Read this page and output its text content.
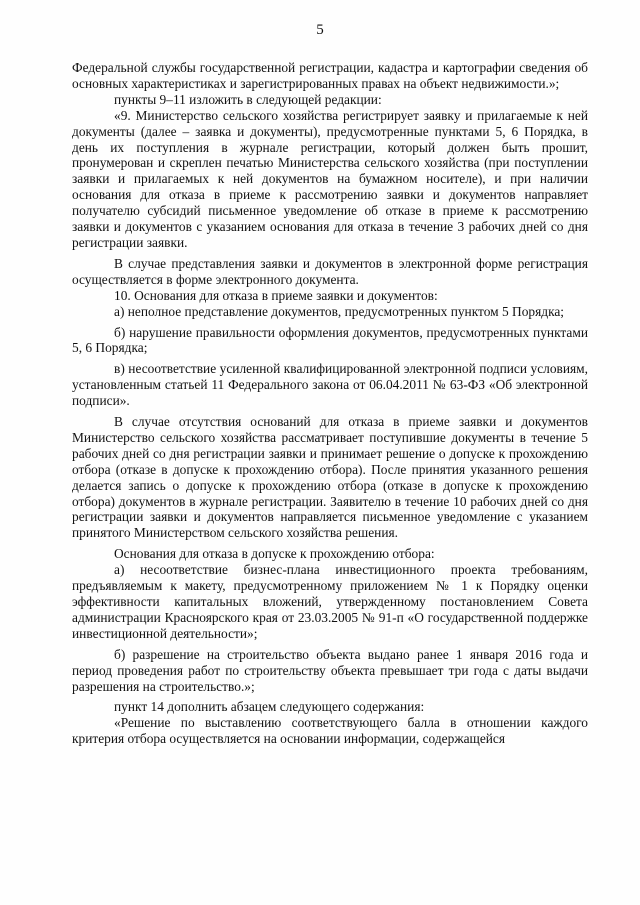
5

Федеральной службы государственной регистрации, кадастра и картографии сведения об основных характеристиках и зарегистрированных правах на объект недвижимости.»;

пункты 9–11 изложить в следующей редакции:

«9. Министерство сельского хозяйства регистрирует заявку и прилагаемые к ней документы (далее – заявка и документы), предусмотренные пунктами 5, 6 Порядка, в день их поступления в журнале регистрации, который должен быть прошит, пронумерован и скреплен печатью Министерства сельского хозяйства (при поступлении заявки и прилагаемых к ней документов на бумажном носителе), и при наличии основания для отказа в приеме к рассмотрению заявки и документов направляет получателю субсидий письменное уведомление об отказе в приеме к рассмотрению заявки и документов с указанием основания для отказа в течение 3 рабочих дней со дня регистрации заявки.

В случае представления заявки и документов в электронной форме регистрация осуществляется в форме электронного документа.

10. Основания для отказа в приеме заявки и документов:

а) неполное представление документов, предусмотренных пунктом 5 Порядка;

б) нарушение правильности оформления документов, предусмотренных пунктами 5, 6 Порядка;

в) несоответствие усиленной квалифицированной электронной подписи условиям, установленным статьей 11 Федерального закона от 06.04.2011 № 63-ФЗ «Об электронной подписи».

В случае отсутствия оснований для отказа в приеме заявки и документов Министерство сельского хозяйства рассматривает поступившие документы в течение 5 рабочих дней со дня регистрации заявки и принимает решение о допуске к прохождению отбора (отказе в допуске к прохождению отбора). После принятия указанного решения делается запись о допуске к прохождению отбора (отказе в допуске к прохождению отбора) документов в журнале регистрации. Заявителю в течение 10 рабочих дней со дня регистрации заявки и документов направляется письменное уведомление с указанием принятого Министерством сельского хозяйства решения.

Основания для отказа в допуске к прохождению отбора:

а) несоответствие бизнес-плана инвестиционного проекта требованиям, предъявляемым к макету, предусмотренному приложением № 1 к Порядку оценки эффективности капитальных вложений, утвержденному постановлением Совета администрации Красноярского края от 23.03.2005 № 91-п «О государственной поддержке инвестиционной деятельности»;

б) разрешение на строительство объекта выдано ранее 1 января 2016 года и период проведения работ по строительству объекта превышает три года с даты выдачи разрешения на строительство.»;

пункт 14 дополнить абзацем следующего содержания:

«Решение по выставлению соответствующего балла в отношении каждого критерия отбора осуществляется на основании информации, содержащейся
